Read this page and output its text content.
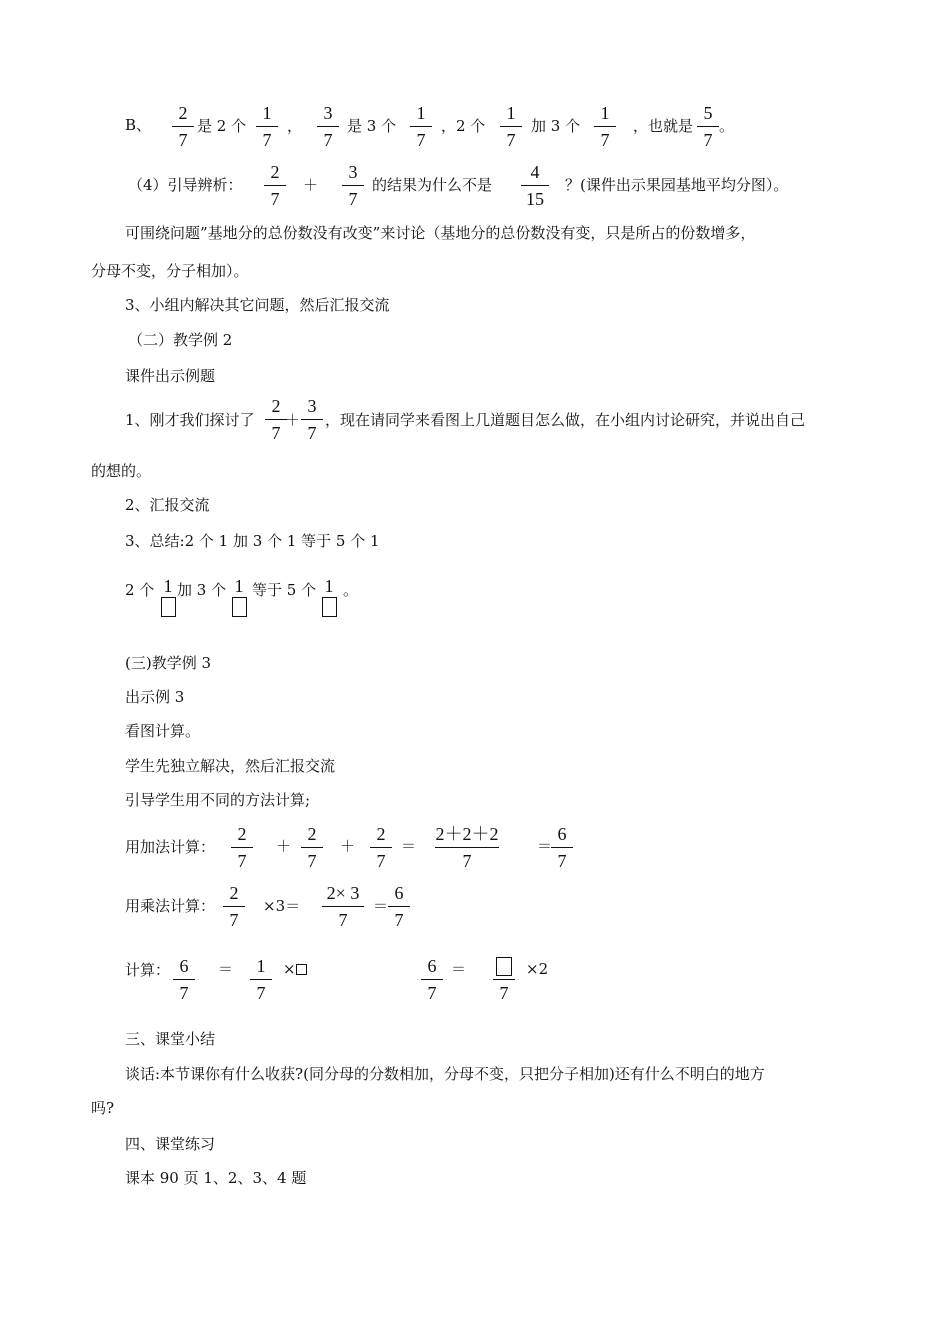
B、
2
7
是 2 个
1
7
，
3
7
是 3 个
1
7
，2 个
1
7
加 3 个
1
7
，也就是
5
7
。
（4）引导辨析：
2
7
＋
3
7
的结果为什么不是
4
15
？(课件出示果园基地平均分图）。
可围绕问题”基地分的总份数没有改变”来讨论（基地分的总份数没有变，只是所占的份数增多，
分母不变，分子相加）。
3、小组内解决其它问题，然后汇报交流
（二）教学例 2
课件出示例题
1、刚才我们探讨了
2
7
＋
3
7
，现在请同学来看图上几道题目怎么做，在小组内讨论研究，并说出自己
的想的。
2、汇报交流
3、总结:2 个 1 加 3 个 1 等于 5 个 1
2 个 1 加 3 个 1 等于 5 个 1 。
(三)教学例 3
出示例 3
看图计算。
学生先独立解决，然后汇报交流
引导学生用不同的方法计算;
用加法计算：
2
7
＋
2
7
＋
2
7
＝
2＋2＋2
7
＝
6
7
用乘法计算：
2
7
×3＝
2× 3
7
＝
6
7
计算： 6
7
＝	1
7
×	6
7
＝
7
×2
三、课堂小结
谈话:本节课你有什么收获?(同分母的分数相加，分母不变，只把分子相加)还有什么不明白的地方
吗?
四、课堂练习
课本 90 页 1、2、3、4 题
